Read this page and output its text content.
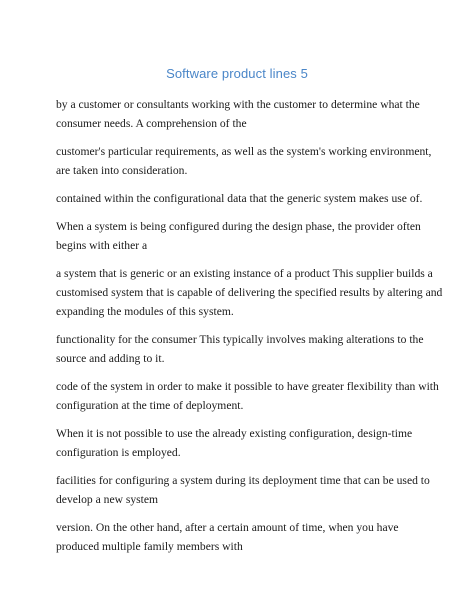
Software product lines 5

by a customer or consultants working with the customer to determine what the
consumer needs. A comprehension of the

customer's particular requirements, as well as the system's working environment,
are taken into consideration.

contained within the configurational data that the generic system makes use of.

When a system is being configured during the design phase, the provider often
begins with either a

a system that is generic or an existing instance of a product This supplier builds a
customised system that is capable of delivering the specified results by altering and
expanding the modules of this system.

functionality for the consumer This typically involves making alterations to the
source and adding to it.

code of the system in order to make it possible to have greater flexibility than with
configuration at the time of deployment.

When it is not possible to use the already existing configuration, design-time
configuration is employed.

facilities for configuring a system during its deployment time that can be used to
develop a new system

version. On the other hand, after a certain amount of time, when you have
produced multiple family members with
